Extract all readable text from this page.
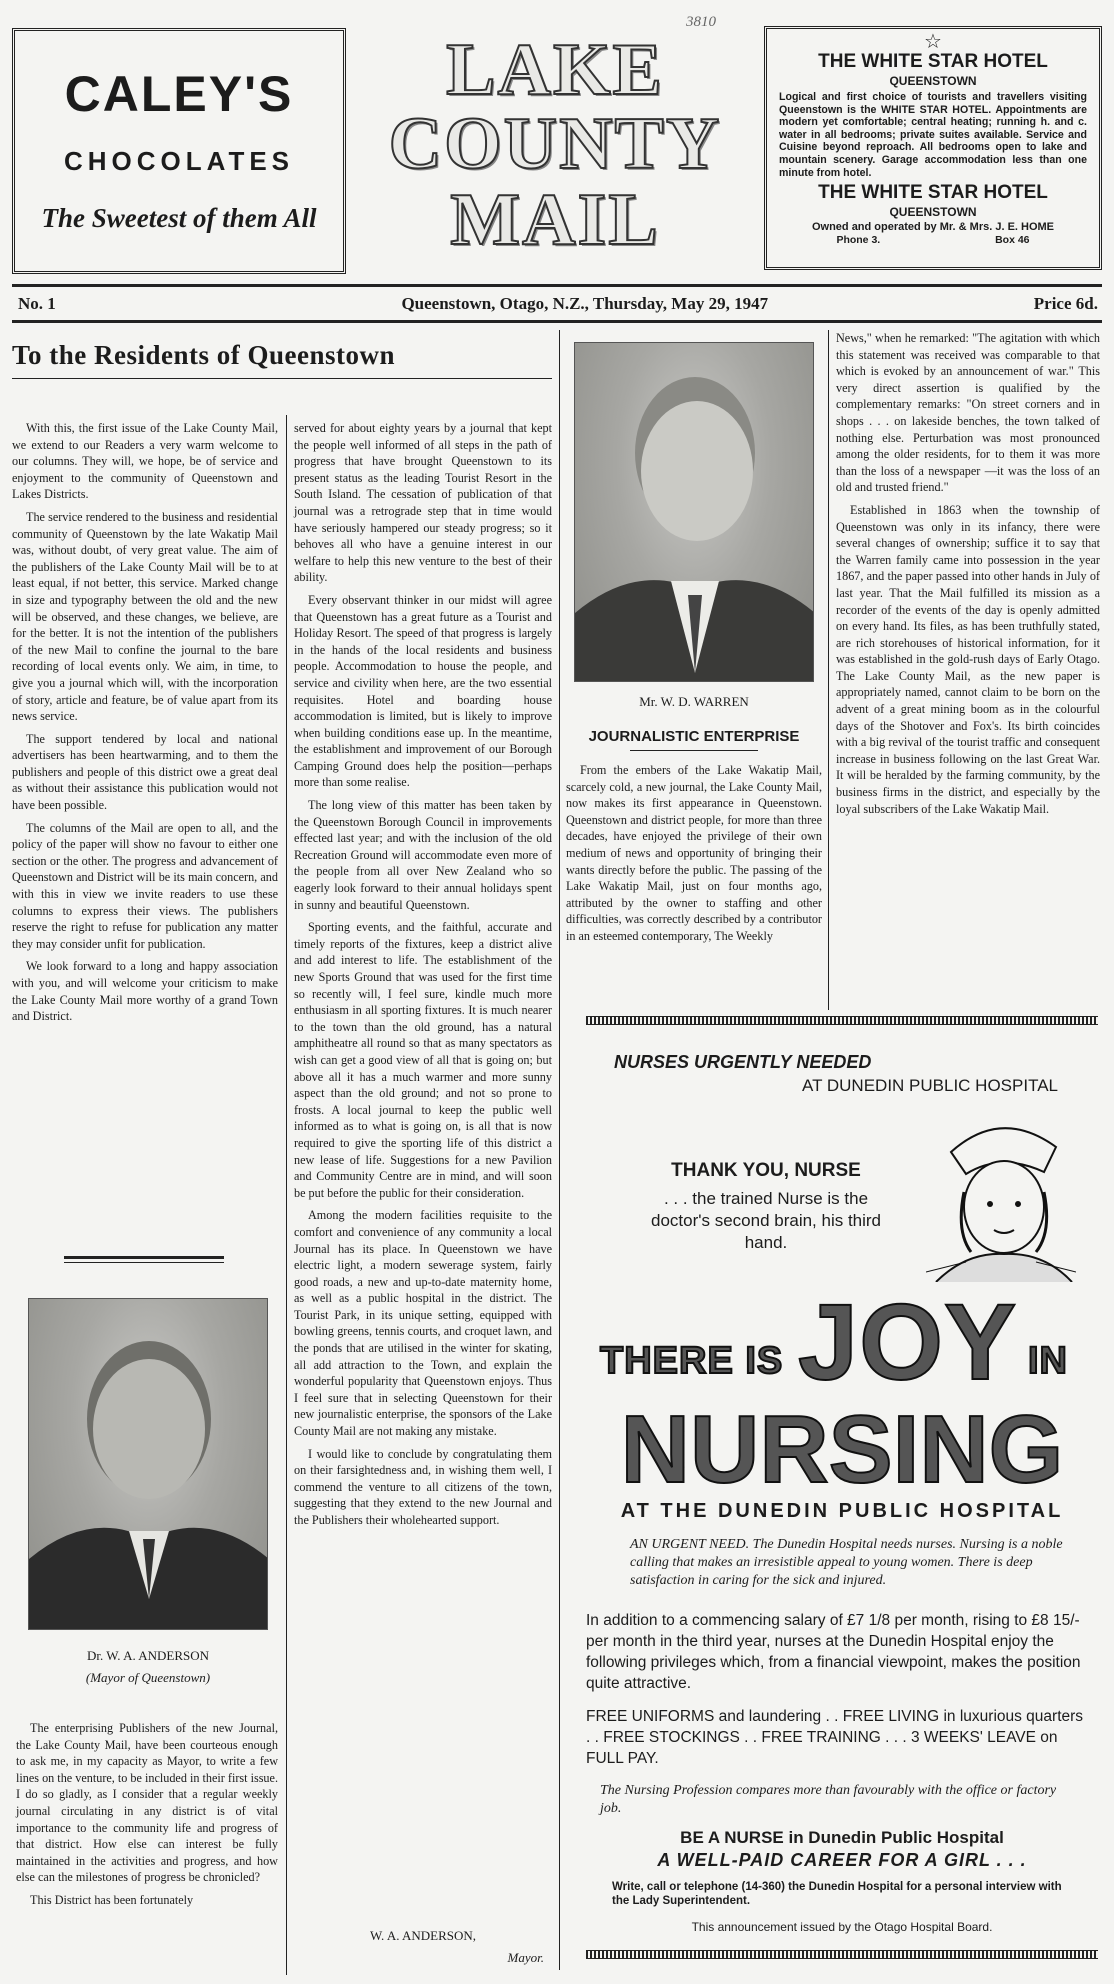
3810
CALEY'S
CHOCOLATES
The Sweetest of them All
LAKE
COUNTY
MAIL
☆
THE WHITE STAR HOTEL
QUEENSTOWN
Logical and first choice of tourists and travellers visiting Queenstown is the WHITE STAR HOTEL. Appointments are modern yet comfortable; central heating; running h. and c. water in all bedrooms; private suites available. Service and Cuisine beyond reproach. All bedrooms open to lake and mountain scenery. Garage accommodation less than one minute from hotel.
THE WHITE STAR HOTEL
QUEENSTOWN
Owned and operated by Mr. & Mrs. J. E. HOME
Phone 3.	Box 46
No. 1	Queenstown, Otago, N.Z., Thursday, May 29, 1947	Price 6d.
To the Residents of Queenstown

With this, the first issue of the Lake County Mail, we extend to our Readers a very warm welcome to our columns. They will, we hope, be of service and enjoyment to the community of Queenstown and Lakes Districts.

The service rendered to the business and residential community of Queenstown by the late Wakatip Mail was, without doubt, of very great value. The aim of the publishers of the Lake County Mail will be to at least equal, if not better, this service. Marked change in size and typography between the old and the new will be observed, and these changes, we believe, are for the better. It is not the intention of the publishers of the new Mail to confine the journal to the bare recording of local events only. We aim, in time, to give you a journal which will, with the incorporation of story, article and feature, be of value apart from its news service.

The support tendered by local and national advertisers has been heartwarming, and to them the publishers and people of this district owe a great deal as without their assistance this publication would not have been possible.

The columns of the Mail are open to all, and the policy of the paper will show no favour to either one section or the other. The progress and advancement of Queenstown and District will be its main concern, and with this in view we invite readers to use these columns to express their views. The publishers reserve the right to refuse for publication any matter they may consider unfit for publication.

We look forward to a long and happy association with you, and will welcome your criticism to make the Lake County Mail more worthy of a grand Town and District.

Dr. W. A. ANDERSON
(Mayor of Queenstown)

The enterprising Publishers of the new Journal, the Lake County Mail, have been courteous enough to ask me, in my capacity as Mayor, to write a few lines on the venture, to be included in their first issue. I do so gladly, as I consider that a regular weekly journal circulating in any district is of vital importance to the community life and progress of that district. How else can interest be fully maintained in the activities and progress, and how else can the milestones of progress be chronicled?

This District has been fortunately

served for about eighty years by a journal that kept the people well informed of all steps in the path of progress that have brought Queenstown to its present status as the leading Tourist Resort in the South Island. The cessation of publication of that journal was a retrograde step that in time would have seriously hampered our steady progress; so it behoves all who have a genuine interest in our welfare to help this new venture to the best of their ability.

Every observant thinker in our midst will agree that Queenstown has a great future as a Tourist and Holiday Resort. The speed of that progress is largely in the hands of the local residents and business people. Accommodation to house the people, and service and civility when here, are the two essential requisites. Hotel and boarding house accommodation is limited, but is likely to improve when building conditions ease up. In the meantime, the establishment and improvement of our Borough Camping Ground does help the position—perhaps more than some realise.

The long view of this matter has been taken by the Queenstown Borough Council in improvements effected last year; and with the inclusion of the old Recreation Ground will accommodate even more of the people from all over New Zealand who so eagerly look forward to their annual holidays spent in sunny and beautiful Queenstown.

Sporting events, and the faithful, accurate and timely reports of the fixtures, keep a district alive and add interest to life. The establishment of the new Sports Ground that was used for the first time so recently will, I feel sure, kindle much more enthusiasm in all sporting fixtures. It is much nearer to the town than the old ground, has a natural amphitheatre all round so that as many spectators as wish can get a good view of all that is going on; but above all it has a much warmer and more sunny aspect than the old ground; and not so prone to frosts. A local journal to keep the public well informed as to what is going on, is all that is now required to give the sporting life of this district a new lease of life. Suggestions for a new Pavilion and Community Centre are in mind, and will soon be put before the public for their consideration.

Among the modern facilities requisite to the comfort and convenience of any community a local Journal has its place. In Queenstown we have electric light, a modern sewerage system, fairly good roads, a new and up-to-date maternity home, as well as a public hospital in the district. The Tourist Park, in its unique setting, equipped with bowling greens, tennis courts, and croquet lawn, and the ponds that are utilised in the winter for skating, all add attraction to the Town, and explain the wonderful popularity that Queenstown enjoys. Thus I feel sure that in selecting Queenstown for their new journalistic enterprise, the sponsors of the Lake County Mail are not making any mistake.

I would like to conclude by congratulating them on their farsightedness and, in wishing them well, I commend the venture to all citizens of the town, suggesting that they extend to the new Journal and the Publishers their wholehearted support.

W. A. ANDERSON,
Mayor.
Mr. W. D. WARREN
JOURNALISTIC ENTERPRISE

From the embers of the Lake Wakatip Mail, scarcely cold, a new journal, the Lake County Mail, now makes its first appearance in Queenstown. Queenstown and district people, for more than three decades, have enjoyed the privilege of their own medium of news and opportunity of bringing their wants directly before the public. The passing of the Lake Wakatip Mail, just on four months ago, attributed by the owner to staffing and other difficulties, was correctly described by a contributor in an esteemed contemporary, The Weekly

News," when he remarked: "The agitation with which this statement was received was comparable to that which is evoked by an announcement of war." This very direct assertion is qualified by the complementary remarks: "On street corners and in shops . . . on lakeside benches, the town talked of nothing else. Perturbation was most pronounced among the older residents, for to them it was more than the loss of a newspaper —it was the loss of an old and trusted friend."

Established in 1863 when the township of Queenstown was only in its infancy, there were several changes of ownership; suffice it to say that the Warren family came into possession in the year 1867, and the paper passed into other hands in July of last year. That the Mail fulfilled its mission as a recorder of the events of the day is openly admitted on every hand. Its files, as has been truthfully stated, are rich storehouses of historical information, for it was established in the gold-rush days of Early Otago. The Lake County Mail, as the new paper is appropriately named, cannot claim to be born on the advent of a great mining boom as in the colourful days of the Shotover and Fox's. Its birth coincides with a big revival of the tourist traffic and consequent increase in business following on the last Great War. It will be heralded by the farming community, by the business firms in the district, and especially by the loyal subscribers of the Lake Wakatip Mail.

NURSES URGENTLY NEEDED
AT DUNEDIN PUBLIC HOSPITAL
THANK YOU, NURSE
. . . the trained Nurse is the doctor's second brain, his third hand.
THERE IS JOY IN
NURSING
AT THE DUNEDIN PUBLIC HOSPITAL
AN URGENT NEED. The Dunedin Hospital needs nurses. Nursing is a noble calling that makes an irresistible appeal to young women. There is deep satisfaction in caring for the sick and injured.
In addition to a commencing salary of £7 1/8 per month, rising to £8 15/- per month in the third year, nurses at the Dunedin Hospital enjoy the following privileges which, from a financial viewpoint, makes the position quite attractive.
FREE UNIFORMS and laundering . . FREE LIVING in luxurious quarters . . FREE STOCKINGS . . FREE TRAINING . . . 3 WEEKS' LEAVE on FULL PAY.
The Nursing Profession compares more than favourably with the office or factory job.
BE A NURSE in Dunedin Public Hospital
A WELL-PAID CAREER FOR A GIRL . . .
Write, call or telephone (14-360) the Dunedin Hospital for a personal interview with the Lady Superintendent.
This announcement issued by the Otago Hospital Board.
